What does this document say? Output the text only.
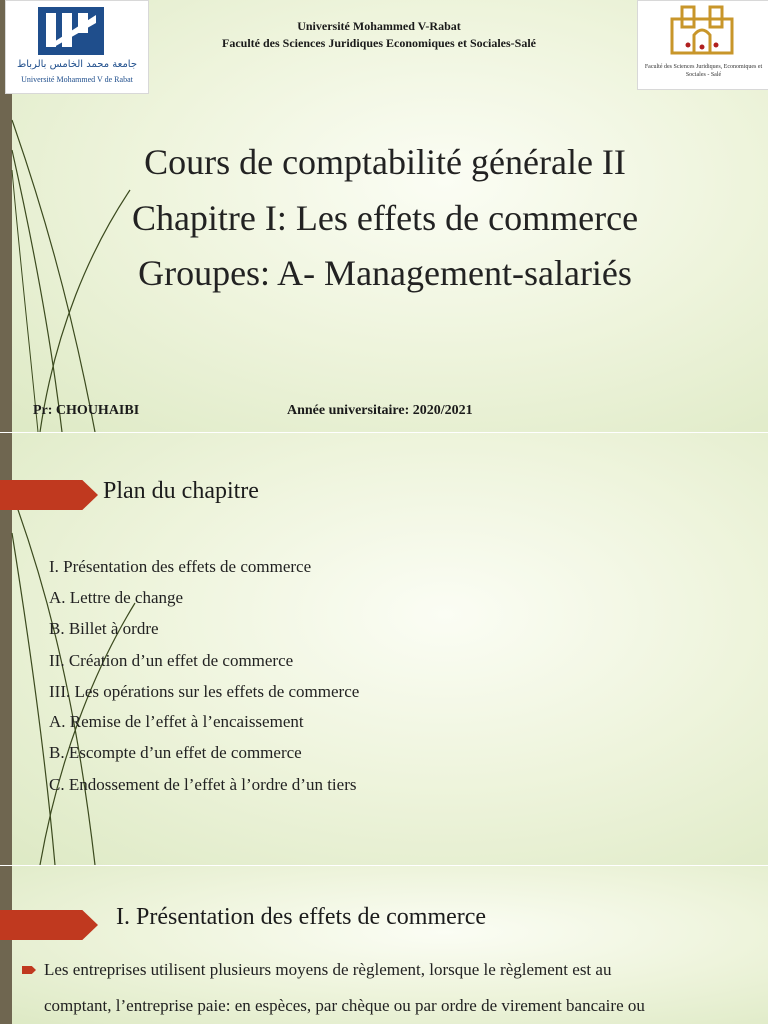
جامعة محمد الخامس بالرباط
Université Mohammed V de Rabat
Université Mohammed V-Rabat
Faculté des Sciences Juridiques Economiques et Sociales-Salé
Faculté des Sciences Juridiques, Economiques et Sociales - Salé
Cours de comptabilité générale II
Chapitre I: Les effets de commerce
Groupes: A- Management-salariés
Pr: CHOUHAIBI	Année universitaire: 2020/2021
Plan du chapitre
I. Présentation des effets de commerce
A. Lettre de change
B. Billet à ordre
II. Création d’un effet de commerce
III. Les opérations sur les effets de commerce
A. Remise de l’effet à l’encaissement
B. Escompte d’un effet de commerce
C. Endossement de l’effet à l’ordre d’un tiers
I. Présentation des effets de commerce
Les entreprises utilisent plusieurs moyens de règlement, lorsque le règlement est au
comptant, l’entreprise paie: en espèces, par chèque ou par ordre de virement bancaire ou
